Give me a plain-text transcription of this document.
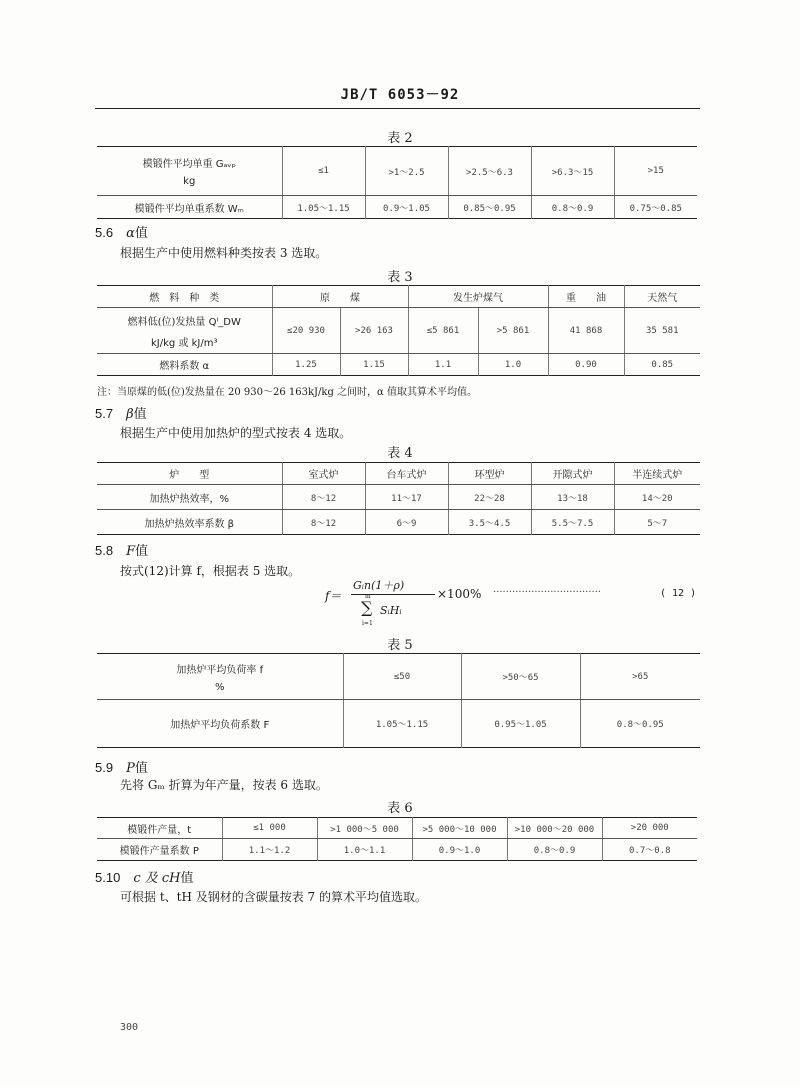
JB/T 6053－92
表 2
模锻件平均单重 Gₐᵥₚ
kg	≤1	>1～2.5	>2.5～6.3	>6.3～15	>15
模锻件平均单重系数 Wₘ	1.05～1.15	0.9～1.05	0.85～0.95	0.8～0.9	0.75～0.85
5.6　 α值
根据生产中使用燃料种类按表 3 选取。
表 3
燃　料　种　类	原　　煤		发生炉煤气		重　　油	天然气

燃料低(位)发热量 Qᴵ_DW
kJ/kg 或 kJ/m³	≤20 930	>26 163	≤5 861	>5 861	41 868	35 581
燃料系数 α	1.25	1.15	1.1	1.0	0.90	0.85
注：当原煤的低(位)发热量在 20 930～26 163kJ/kg 之间时，α 值取其算术平均值。
5.7　 β值
根据生产中使用加热炉的型式按表 4 选取。
表 4
炉　　型	室式炉	台车式炉	环型炉	开隙式炉	半连续式炉
加热炉热效率，%	8～12	11～17	22～28	13～18	14～20
加热炉热效率系数 β	8～12	6～9	3.5～4.5	5.5～7.5	5～7
5.8　 F值
按式(12)计算 f，根据表 5 选取。
f＝
Gᵢn(1＋ρ)
m
∑
i=1
SᵢHᵢ
×100% ··································	( 12 )
表 5
加热炉平均负荷率 f
%	≤50	>50～65	>65
加热炉平均负荷系数 F	1.05～1.15	0.95～1.05	0.8～0.95
5.9　 P值
先将 Gₘ 折算为年产量，按表 6 选取。
表 6
模锻件产量，t	≤1 000	>1 000～5 000	>5 000～10 000	>10 000～20 000	>20 000
模锻件产量系数 P	1.1～1.2	1.0～1.1	0.9～1.0	0.8～0.9	0.7～0.8
5.10　 c 及 cH值
可根据 t、tH 及钢材的含碳量按表 7 的算术平均值选取。
300
